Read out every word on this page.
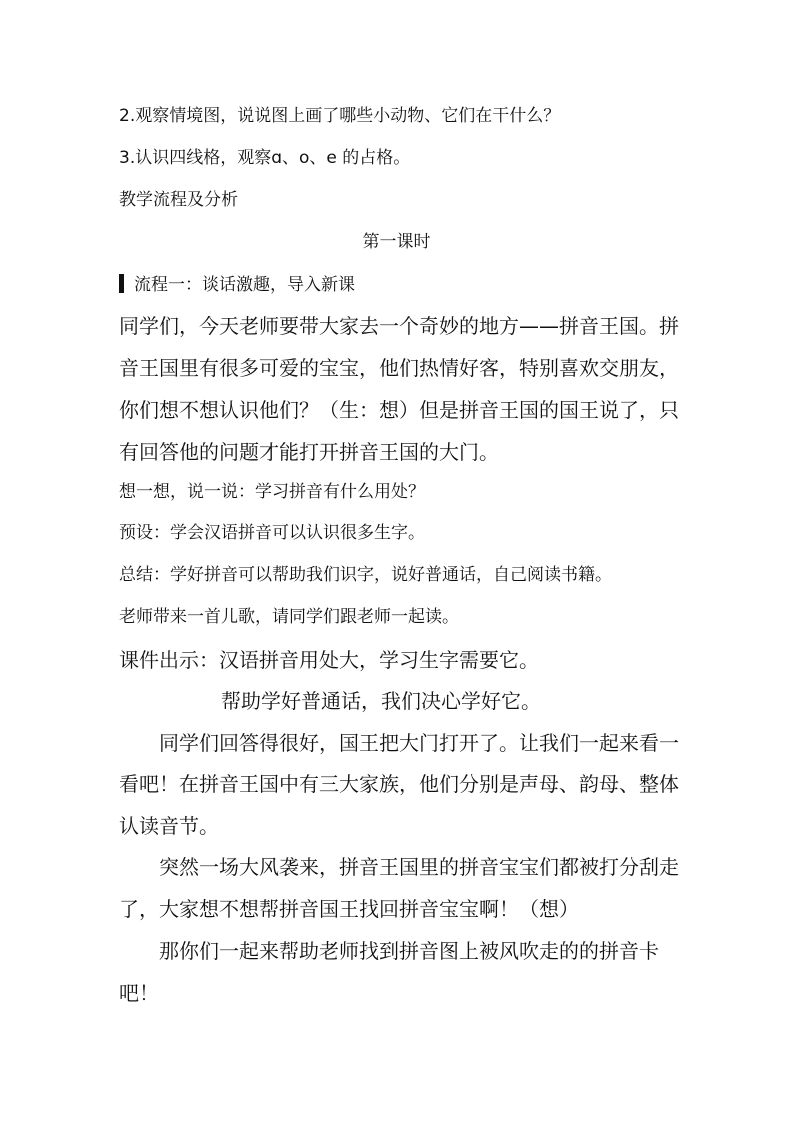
2.观察情境图，说说图上画了哪些小动物、它们在干什么？
3.认识四线格，观察ɑ、o、e 的占格。
教学流程及分析
第一课时
流程一：谈话激趣，导入新课
同学们，今天老师要带大家去一个奇妙的地方——拼音王国。拼
音王国里有很多可爱的宝宝，他们热情好客，特别喜欢交朋友，
你们想不想认识他们？（生：想）但是拼音王国的国王说了，只
有回答他的问题才能打开拼音王国的大门。
想一想，说一说：学习拼音有什么用处？
预设：学会汉语拼音可以认识很多生字。
总结：学好拼音可以帮助我们识字，说好普通话，自己阅读书籍。
老师带来一首儿歌，请同学们跟老师一起读。
课件出示：汉语拼音用处大，学习生字需要它。
帮助学好普通话，我们决心学好它。
同学们回答得很好，国王把大门打开了。让我们一起来看一
看吧！在拼音王国中有三大家族，他们分别是声母、韵母、整体
认读音节。
突然一场大风袭来，拼音王国里的拼音宝宝们都被打分刮走
了，大家想不想帮拼音国王找回拼音宝宝啊！（想）
那你们一起来帮助老师找到拼音图上被风吹走的的拼音卡
吧！
